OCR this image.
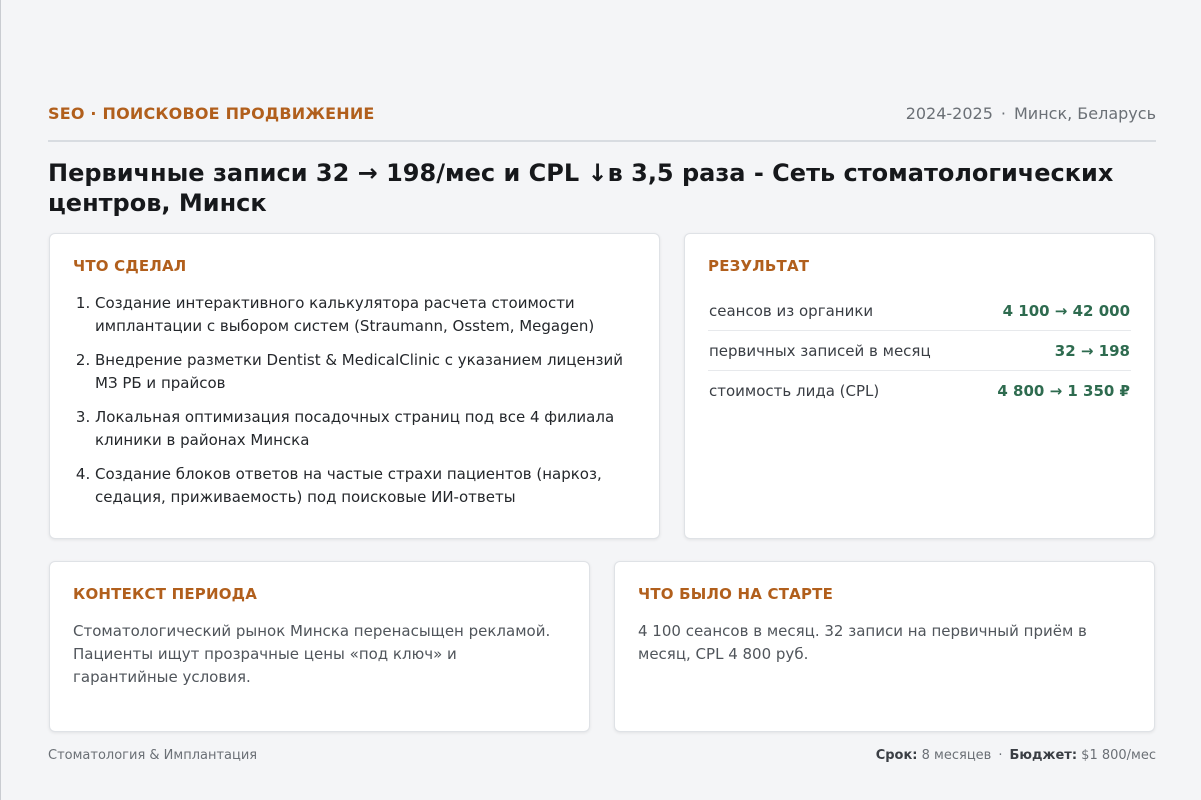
SEO · ПОИСКОВОЕ ПРОДВИЖЕНИЕ	2024-2025 · Минск, Беларусь
Первичные записи 32 → 198/мес и CPL ↓в 3,5 раза - Сеть стоматологических центров, Минск
ЧТО СДЕЛАЛ
1. Создание интерактивного калькулятора расчета стоимости имплантации с выбором систем (Straumann, Osstem, Megagen)
2. Внедрение разметки Dentist & MedicalClinic с указанием лицензий МЗ РБ и прайсов
3. Локальная оптимизация посадочных страниц под все 4 филиала клиники в районах Минска
4. Создание блоков ответов на частые страхи пациентов (наркоз, седация, приживаемость) под поисковые ИИ-ответы
РЕЗУЛЬТАТ
сеансов из органики	4 100 → 42 000
первичных записей в месяц	32 → 198
стоимость лида (CPL)	4 800 → 1 350 ₽
КОНТЕКСТ ПЕРИОДА

Стоматологический рынок Минска перенасыщен рекламой. Пациенты ищут прозрачные цены «под ключ» и гарантийные условия.

ЧТО БЫЛО НА СТАРТЕ

4 100 сеансов в месяц. 32 записи на первичный приём в месяц, CPL 4 800 руб.

Стоматология & Имплантация	Срок: 8 месяцев · Бюджет: $1 800/мес
